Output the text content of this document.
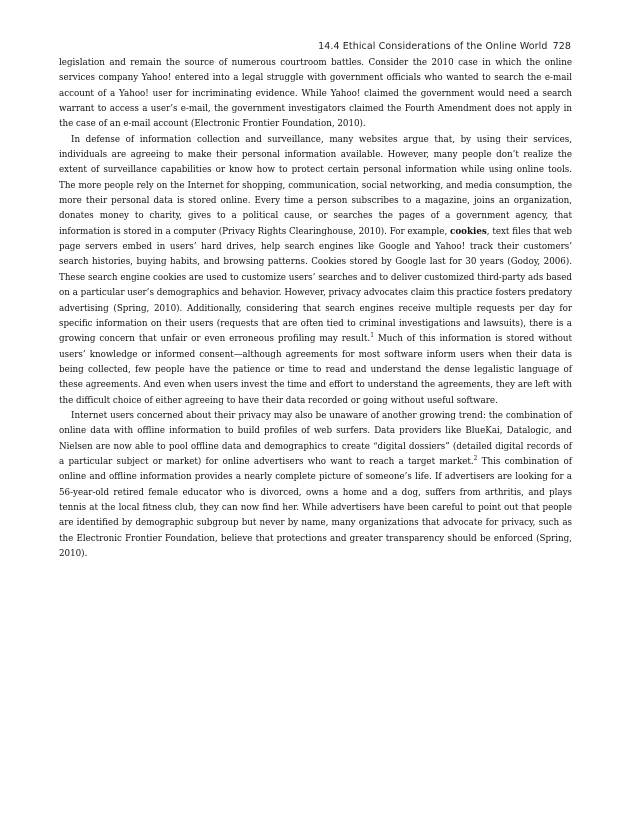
14.4 Ethical Considerations of the Online World 728

legislation and remain the source of numerous courtroom battles. Consider the 2010 case in which the online services company Yahoo! entered into a legal struggle with government officials who wanted to search the e-mail account of a Yahoo! user for incriminating evidence. While Yahoo! claimed the government would need a search warrant to access a user’s e-mail, the government investigators claimed the Fourth Amendment does not apply in the case of an e-mail account (Electronic Frontier Foundation, 2010).

In defense of information collection and surveillance, many websites argue that, by using their services, individuals are agreeing to make their personal information available. However, many people don’t realize the extent of surveillance capabilities or know how to protect certain personal information while using online tools. The more people rely on the Internet for shopping, communication, social networking, and media consumption, the more their personal data is stored online. Every time a person subscribes to a magazine, joins an organization, donates money to charity, gives to a political cause, or searches the pages of a government agency, that information is stored in a computer (Privacy Rights Clearinghouse, 2010). For example, cookies, text files that web page servers embed in users’ hard drives, help search engines like Google and Yahoo! track their customers’ search histories, buying habits, and browsing patterns. Cookies stored by Google last for 30 years (Godoy, 2006). These search engine cookies are used to customize users’ searches and to deliver customized third-party ads based on a particular user’s demographics and behavior. However, privacy advocates claim this practice fosters predatory advertising (Spring, 2010). Additionally, considering that search engines receive multiple requests per day for specific information on their users (requests that are often tied to criminal investigations and lawsuits), there is a growing concern that unfair or even erroneous profiling may result.$^1$ Much of this information is stored without users’ knowledge or informed consent—although agreements for most software inform users when their data is being collected, few people have the patience or time to read and understand the dense legalistic language of these agreements. And even when users invest the time and effort to understand the agreements, they are left with the difficult choice of either agreeing to have their data recorded or going without useful software.

Internet users concerned about their privacy may also be unaware of another growing trend: the combination of online data with offline information to build profiles of web surfers. Data providers like BlueKai, Datalogic, and Nielsen are now able to pool offline data and demographics to create “digital dossiers” (detailed digital records of a particular subject or market) for online advertisers who want to reach a target market.$^2$ This combination of online and offline information provides a nearly complete picture of someone’s life. If advertisers are looking for a 56-year-old retired female educator who is divorced, owns a home and a dog, suffers from arthritis, and plays tennis at the local fitness club, they can now find her. While advertisers have been careful to point out that people are identified by demographic subgroup but never by name, many organizations that advocate for privacy, such as the Electronic Frontier Foundation, believe that protections and greater transparency should be enforced (Spring, 2010).
